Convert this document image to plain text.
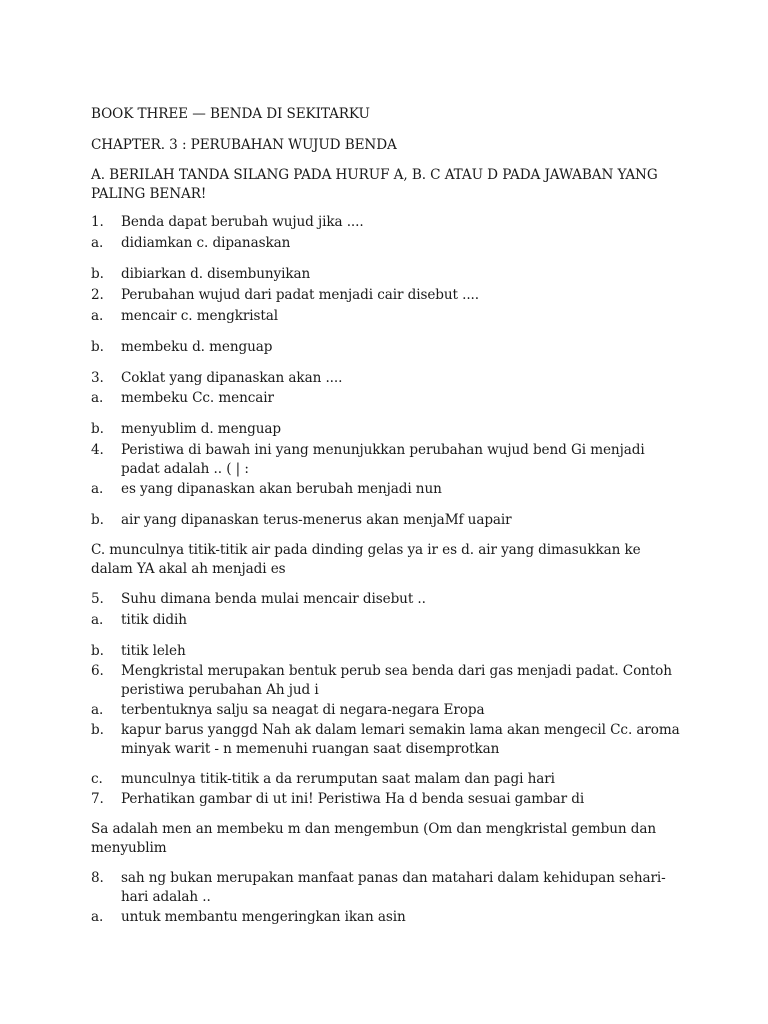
BOOK THREE — BENDA DI SEKITARKU
CHAPTER. 3 : PERUBAHAN WUJUD BENDA
A. BERILAH TANDA SILANG PADA HURUF A, B. C ATAU D PADA JAWABAN YANG PALING BENAR!
1.	Benda dapat berubah wujud jika ....
a.	didiamkan c. dipanaskan
b.	dibiarkan d. disembunyikan
2.	Perubahan wujud dari padat menjadi cair disebut ....
a.	mencair c. mengkristal
b.	membeku d. menguap
3.	Coklat yang dipanaskan akan ....
a.	membeku Cc. mencair
b.	menyublim d. menguap
4.	Peristiwa di bawah ini yang menunjukkan perubahan wujud bend Gi menjadi padat adalah .. ( | :
a.	es yang dipanaskan akan berubah menjadi nun
b.	air yang dipanaskan terus-menerus akan menjaMf uapair
C. munculnya titik-titik air pada dinding gelas ya ir es d. air yang dimasukkan ke dalam YA akal ah menjadi es
5.	Suhu dimana benda mulai mencair disebut ..
a.	titik didih
b.	titik leleh
6.	Mengkristal merupakan bentuk perub sea benda dari gas menjadi padat. Contoh peristiwa perubahan Ah jud i
a.	terbentuknya salju sa neagat di negara-negara Eropa
b.	kapur barus yanggd Nah ak dalam lemari semakin lama akan mengecil Cc. aroma minyak warit - n memenuhi ruangan saat disemprotkan
c.	munculnya titik-titik a da rerumputan saat malam dan pagi hari
7.	Perhatikan gambar di ut ini! Peristiwa Ha d benda sesuai gambar di
Sa adalah men an membeku m dan mengembun (Om dan mengkristal gembun dan menyublim
8.	sah ng bukan merupakan manfaat panas dan matahari dalam kehidupan sehari-hari adalah ..
a.	untuk membantu mengeringkan ikan asin
